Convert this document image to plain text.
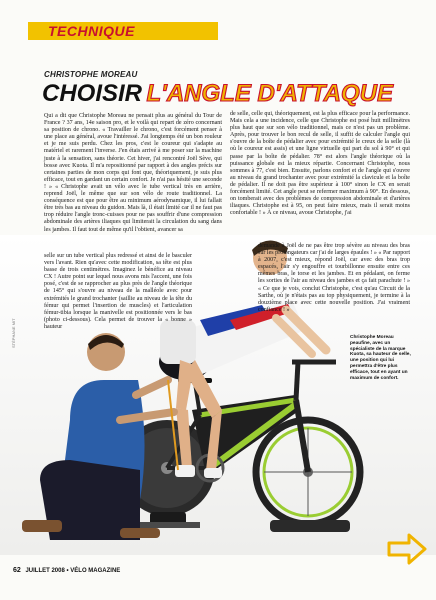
TECHNIQUE
CHRISTOPHE MOREAU
CHOISIR L'ANGLE D'ATTAQUE
Qui a dit que Christophe Moreau ne pensait plus au général du Tour de France ? 37 ans, 14e saison pro, et le voilà qui repart de zéro concernant sa position de chrono. « Travailler le chrono, c'est forcément penser à une place au général, avoue l'intéressé. J'ai longtemps été un bon rouleur et je me suis perdu. Chez les pros, c'est le coureur qui s'adapte au matériel et rarement l'inverse. J'en étais arrivé à me poser sur la machine juste à la sensation, sans théorie. Cet hiver, j'ai rencontré Joël Sève, qui bosse avec Kuota. Il m'a repositionné par rapport à des angles précis sur certaines parties de mon corps qui font que, théoriquement, je suis plus efficace, tout en gardant un certain confort. Je n'ai pas hésité une seconde ! » « Christophe avait un vélo avec le tube vertical très en arrière, reprend Joël, le même que sur son vélo de route traditionnel. La conséquence est que pour être au minimum aérodynamique, il lui fallait être très bas au niveau du guidon. Mais là, il était limité car il ne faut pas trop réduire l'angle tronc-cuisses pour ne pas souffrir d'une compression abdominale des artères iliaques qui limiterait la circulation du sang dans les jambes. Il faut tout de même qu'il l'obtient, avancer sa
de selle, celle qui, théoriquement, est la plus efficace pour la performance. Mais cela a une incidence, celle que Christophe est posé huit millimètres plus haut que sur son vélo traditionnel, mais ce n'est pas un problème. Après, pour trouver le bon recul de selle, il suffit de calculer l'angle qui s'ouvre de la boîte de pédalier avec pour extrémité le creux de la selle (là où le coureur est assis) et une ligne virtuelle qui part du sol à 90° et qui passe par la boîte de pédalier. 78° est alors l'angle théorique où la puissance globale est la mieux répartie. Concernant Christophe, nous sommes à 77, c'est bien. Ensuite, parlons confort et de l'angle qui s'ouvre au niveau du grand trochanter avec pour extrémité la clavicule et la boîte de pédalier. Il ne doit pas être supérieur à 100° sinon le CX en serait forcément limité. Cet angle peut se refermer maximum à 90°. En dessous, on tomberait avec des problèmes de compression abdominale et d'artères iliaques. Christophe est à 95, on peut faire mieux, mais il serait moins confortable ! » À ce niveau, avoue Christophe, j'ai
selle sur un tube vertical plus redressé et ainsi de le basculer vers l'avant. Rien qu'avec cette modification, sa tête est plus basse de trois centimètres. Imaginez le bénéfice au niveau CX ! Autre point sur lequel nous avons mis l'accent, une fois posé, c'est de se rapprocher au plus près de l'angle théorique de 145° qui s'ouvre au niveau de la malléole avec pour extrémités le grand trochanter (saillie au niveau de la tête du fémur qui permet l'insertion de muscles) et l'articulation fémur-tibia lorsque la manivelle est positionnée vers le bas (photo ci-dessous). Cela permet de trouver la « bonne » hauteur
demandé à Joël de ne pas être trop sévère au niveau des bras sur les prolongateurs car j'ai de larges épaules ! » « Par rapport à 2007, c'est mieux, répond Joël, car avec des bras trop espacés, l'air s'y engouffre et tourbillonne ensuite entre ces mêmes bras, le torse et les jambes. Et en pédalant, on ferme les sorties de l'air au niveau des jambes et ça fait parachute ! » « Ce que je vois, conclut Christophe, c'est qu'au Circuit de la Sarthe, où je n'étais pas au top physiquement, je termine à la douzième place avec cette nouvelle position. J'ai vraiment confiance ! »
STÉPHANE MIT	Christophe Moreau
peaufine, avec un spécialiste de la marque Kuota, sa hauteur de selle, une position qui lui permettra d'être plus efficace, tout en ayant un maximum de confort.
62 JUILLET 2008 • VÉLO MAGAZINE
